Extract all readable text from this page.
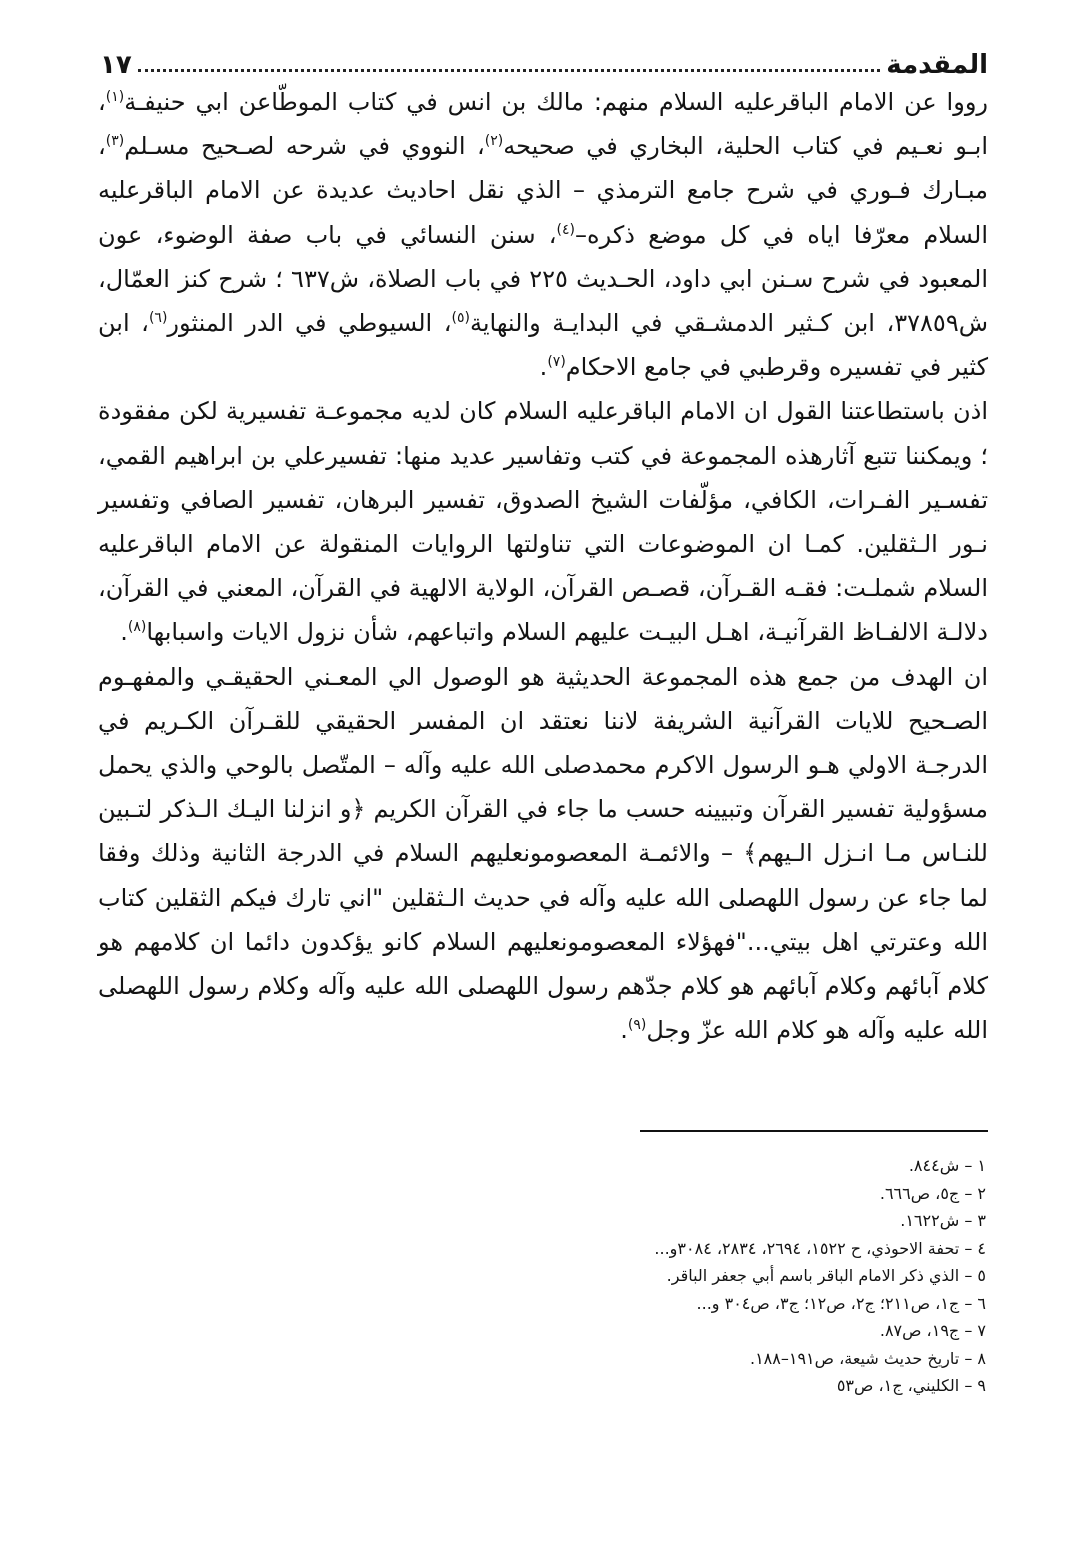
المقدمة
١٧

رووا عن الامام الباقرعليه السلام منهم: مالك بن انس في كتاب الموطّاعن ابي حنيفـة$^{(١)}$، ابـو نعـيم في كتاب الحلية، البخاري في صحيحه$^{(٢)}$، النووي في شرحه لصـحيح مسـلم$^{(٣)}$، مبـارك فـوري في شرح جامع الترمذي – الذي نقل احاديث عديدة عن الامام الباقرعليه السلام معرّفا اياه في كل موضع ذكره–$^{(٤)}$، سنن النسائي في باب صفة الوضوء، عون المعبود في شرح سـنن ابي داود، الحـديث ٢٢٥ في باب الصلاة، ش٦٣٧ ؛ شرح كنز العمّال، ش٣٧٨٥٩، ابن كـثير الدمشـقي في البدايـة والنهاية$^{(٥)}$، السيوطي في الدر المنثور$^{(٦)}$، ابن كثير في تفسيره وقرطبي في جامع الاحكام$^{(٧)}$.

اذن باستطاعتنا القول ان الامام الباقرعليه السلام كان لديه مجموعـة تفسيرية لكن مفقودة ؛ ويمكننا تتبع آثارهذه المجموعة في كتب وتفاسير عديد منها: تفسيرعلي بن ابراهيم القمي، تفسـير الفـرات، الكافي، مؤلّفات الشيخ الصدوق، تفسير البرهان، تفسير الصافي وتفسير نـور الـثقلين. كمـا ان الموضوعات التي تناولتها الروايات المنقولة عن الامام الباقرعليه السلام شملـت: فقـه القـرآن، قصـص القرآن، الولاية الالهية في القرآن، المعني في القرآن، دلالـة الالفـاظ القرآنيـة، اهـل البيـت عليهم السلام واتباعهم، شأن نزول الايات واسبابها$^{(٨)}$.

ان الهدف من جمع هذه المجموعة الحديثية هو الوصول الي المعـني الحقيقـي والمفهـوم الصـحيح للايات القرآنية الشريفة لاننا نعتقد ان المفسر الحقيقي للقـرآن الكـريم في الدرجـة الاولي هـو الرسول الاكرم محمدصلى الله عليه وآله – المتّصل بالوحي والذي يحمل مسؤولية تفسير القرآن وتبيينه حسب ما جاء في القرآن الكريم ﴿و انزلنا اليـك الـذكر لتـبين للنـاس مـا انـزل الـيهم﴾ – والائمـة المعصومونعليهم السلام في الدرجة الثانية وذلك وفقا لما جاء عن رسول اللهصلى الله عليه وآله في حديث الـثقلين "اني تارك فيكم الثقلين كتاب الله وعترتي اهل بيتي..."فهؤلاء المعصومونعليهم السلام كانو يؤكدون دائما ان كلامهم هو كلام آبائهم وكلام آبائهم هو كلام جدّهم رسول اللهصلى الله عليه وآله وكلام رسول اللهصلى الله عليه وآله هو كلام الله عزّ وجل$^{(٩)}$.

١ – ش٨٤٤.
٢ – ج٥، ص٦٦٦.
٣ – ش١٦٢٢.
٤ – تحفة الاحوذي، ح ١٥٢٢، ٢٦٩٤، ٢٨٣٤، ٣٠٨٤و...
٥ – الذي ذكر الامام الباقر باسم أبي جعفر الباقر.
٦ – ج١، ص٢١١؛ ج٢، ص١٢؛ ج٣، ص٣٠٤ و...
٧ – ج١٩، ص٨٧.
٨ – تاريخ حديث شيعة، ص١٩١–١٨٨.
٩ – الكليني، ج١، ص٥٣
